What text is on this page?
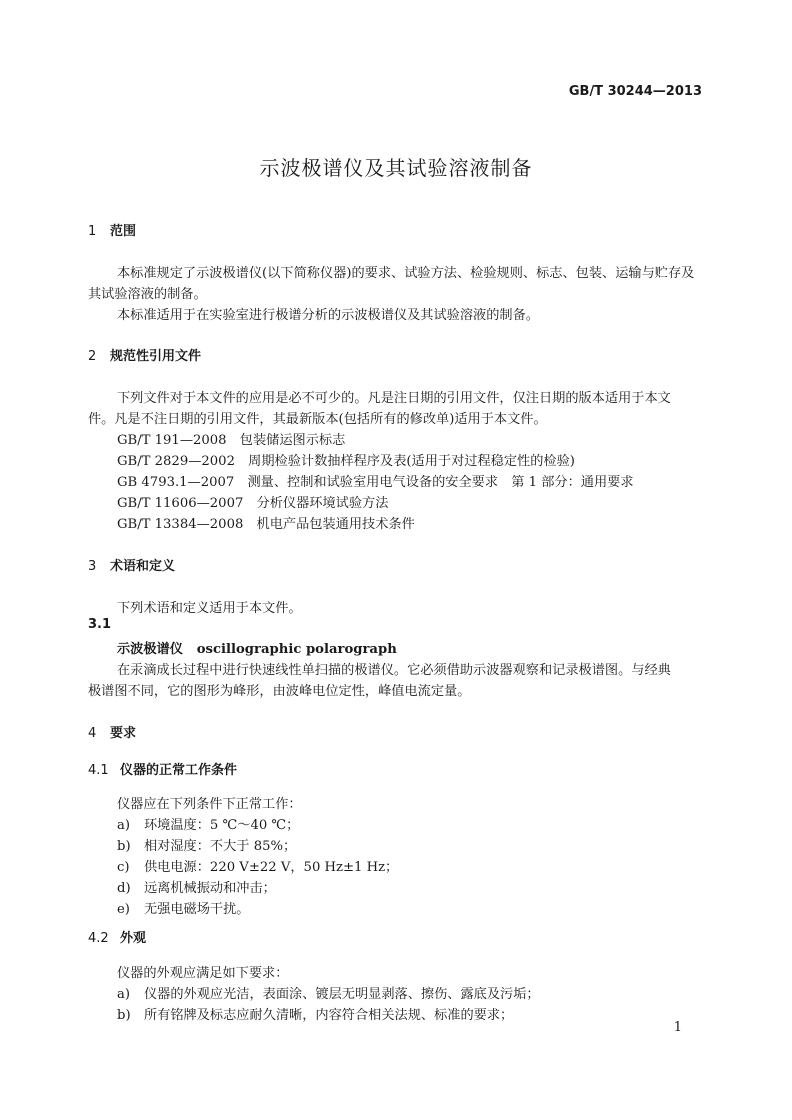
GB/T 30244—2013
示波极谱仪及其试验溶液制备
1 范围
本标准规定了示波极谱仪(以下简称仪器)的要求、试验方法、检验规则、标志、包装、运输与贮存及
其试验溶液的制备。
本标准适用于在实验室进行极谱分析的示波极谱仪及其试验溶液的制备。
2 规范性引用文件
下列文件对于本文件的应用是必不可少的。凡是注日期的引用文件，仅注日期的版本适用于本文
件。凡是不注日期的引用文件，其最新版本(包括所有的修改单)适用于本文件。
GB/T 191—2008　包装储运图示标志
GB/T 2829—2002　周期检验计数抽样程序及表(适用于对过程稳定性的检验)
GB 4793.1—2007　测量、控制和试验室用电气设备的安全要求　第 1 部分：通用要求
GB/T 11606—2007　分析仪器环境试验方法
GB/T 13384—2008　机电产品包装通用技术条件
3 术语和定义
下列术语和定义适用于本文件。
3.1
示波极谱仪 oscillographic polarograph
在汞滴成长过程中进行快速线性单扫描的极谱仪。它必须借助示波器观察和记录极谱图。与经典
极谱图不同，它的图形为峰形，由波峰电位定性，峰值电流定量。
4 要求
4.1 仪器的正常工作条件
仪器应在下列条件下正常工作：
a) 环境温度：5 ℃～40 ℃；
b) 相对湿度：不大于 85%；
c) 供电电源：220 V±22 V，50 Hz±1 Hz；
d) 远离机械振动和冲击；
e) 无强电磁场干扰。
4.2 外观
仪器的外观应满足如下要求：
a) 仪器的外观应光洁，表面涂、镀层无明显剥落、擦伤、露底及污垢；
b) 所有铭牌及标志应耐久清晰，内容符合相关法规、标准的要求；
1
